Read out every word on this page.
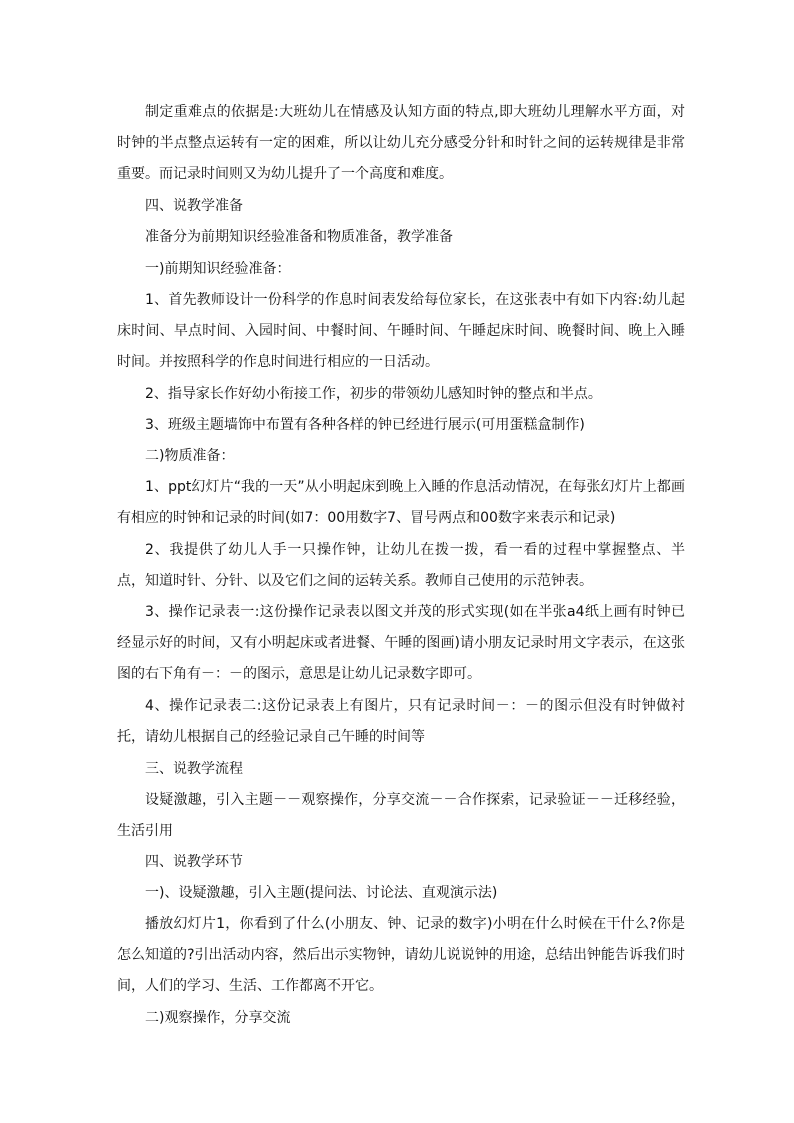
制定重难点的依据是:大班幼儿在情感及认知方面的特点,即大班幼儿理解水平方面，对时钟的半点整点运转有一定的困难，所以让幼儿充分感受分针和时针之间的运转规律是非常重要。而记录时间则又为幼儿提升了一个高度和难度。

四、说教学准备

准备分为前期知识经验准备和物质准备，教学准备

一)前期知识经验准备：

1、首先教师设计一份科学的作息时间表发给每位家长，在这张表中有如下内容:幼儿起床时间、早点时间、入园时间、中餐时间、午睡时间、午睡起床时间、晚餐时间、晚上入睡时间。并按照科学的作息时间进行相应的一日活动。

2、指导家长作好幼小衔接工作，初步的带领幼儿感知时钟的整点和半点。

3、班级主题墙饰中布置有各种各样的钟已经进行展示(可用蛋糕盒制作)

二)物质准备：

1、ppt幻灯片“我的一天”从小明起床到晚上入睡的作息活动情况，在每张幻灯片上都画有相应的时钟和记录的时间(如7：00用数字7、冒号两点和00数字来表示和记录)

2、我提供了幼儿人手一只操作钟，让幼儿在拨一拨，看一看的过程中掌握整点、半点，知道时针、分针、以及它们之间的运转关系。教师自己使用的示范钟表。

3、操作记录表一:这份操作记录表以图文并茂的形式实现(如在半张a4纸上画有时钟已经显示好的时间，又有小明起床或者进餐、午睡的图画)请小朋友记录时用文字表示，在这张图的右下角有－：－的图示，意思是让幼儿记录数字即可。

4、操作记录表二:这份记录表上有图片，只有记录时间－：－的图示但没有时钟做衬托，请幼儿根据自己的经验记录自己午睡的时间等

三、说教学流程

设疑激趣，引入主题－－观察操作，分享交流－－合作探索，记录验证－－迁移经验，生活引用

四、说教学环节

一)、设疑激趣，引入主题(提问法、讨论法、直观演示法)

播放幻灯片1，你看到了什么(小朋友、钟、记录的数字)小明在什么时候在干什么?你是怎么知道的?引出活动内容，然后出示实物钟，请幼儿说说钟的用途，总结出钟能告诉我们时间，人们的学习、生活、工作都离不开它。

二)观察操作，分享交流
